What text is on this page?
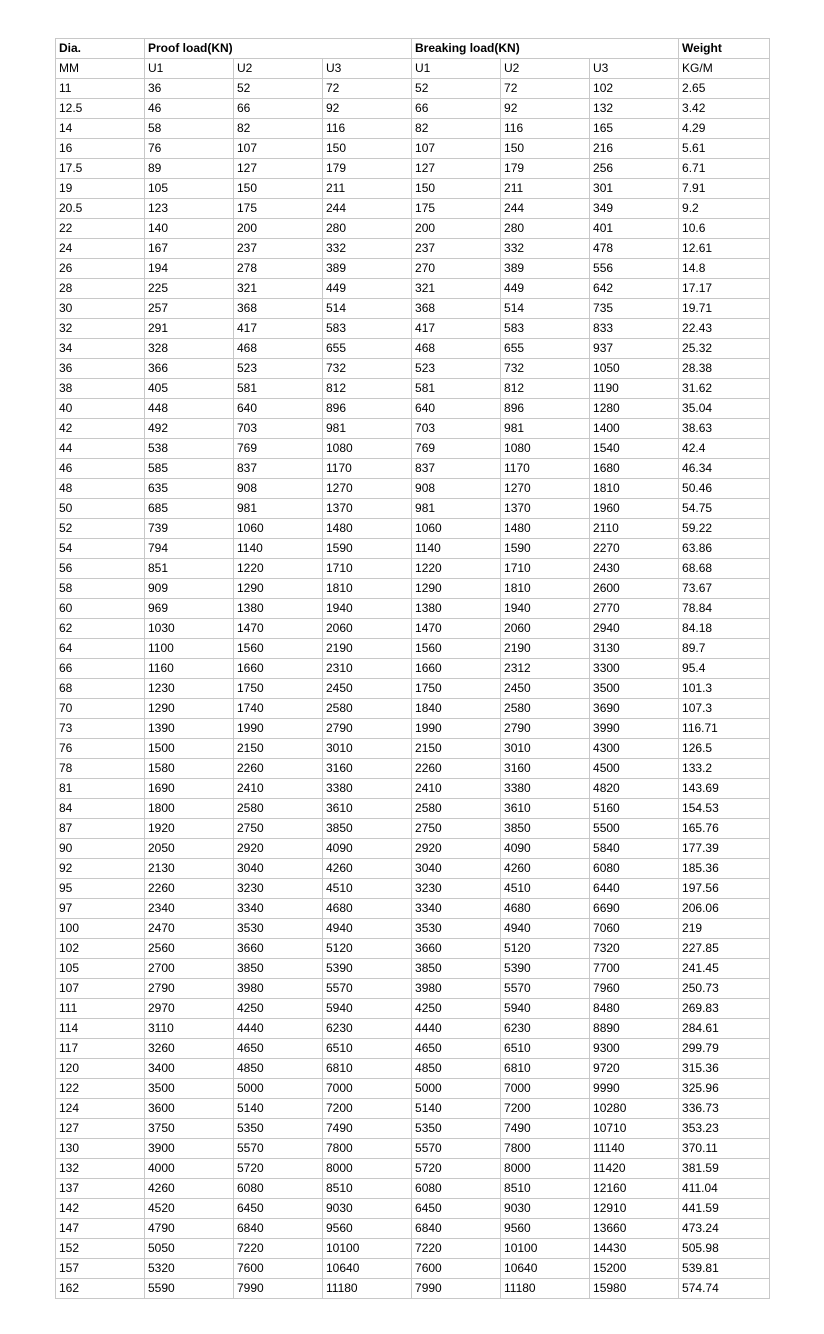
Dia.	Proof load(KN)			Breaking load(KN)			Weight
MM	U1	U2	U3	U1	U2	U3	KG/M
11	36	52	72	52	72	102	2.65
12.5	46	66	92	66	92	132	3.42
14	58	82	116	82	116	165	4.29
16	76	107	150	107	150	216	5.61
17.5	89	127	179	127	179	256	6.71
19	105	150	211	150	211	301	7.91
20.5	123	175	244	175	244	349	9.2
22	140	200	280	200	280	401	10.6
24	167	237	332	237	332	478	12.61
26	194	278	389	270	389	556	14.8
28	225	321	449	321	449	642	17.17
30	257	368	514	368	514	735	19.71
32	291	417	583	417	583	833	22.43
34	328	468	655	468	655	937	25.32
36	366	523	732	523	732	1050	28.38
38	405	581	812	581	812	1190	31.62
40	448	640	896	640	896	1280	35.04
42	492	703	981	703	981	1400	38.63
44	538	769	1080	769	1080	1540	42.4
46	585	837	1170	837	1170	1680	46.34
48	635	908	1270	908	1270	1810	50.46
50	685	981	1370	981	1370	1960	54.75
52	739	1060	1480	1060	1480	2110	59.22
54	794	1140	1590	1140	1590	2270	63.86
56	851	1220	1710	1220	1710	2430	68.68
58	909	1290	1810	1290	1810	2600	73.67
60	969	1380	1940	1380	1940	2770	78.84
62	1030	1470	2060	1470	2060	2940	84.18
64	1100	1560	2190	1560	2190	3130	89.7
66	1160	1660	2310	1660	2312	3300	95.4
68	1230	1750	2450	1750	2450	3500	101.3
70	1290	1740	2580	1840	2580	3690	107.3
73	1390	1990	2790	1990	2790	3990	116.71
76	1500	2150	3010	2150	3010	4300	126.5
78	1580	2260	3160	2260	3160	4500	133.2
81	1690	2410	3380	2410	3380	4820	143.69
84	1800	2580	3610	2580	3610	5160	154.53
87	1920	2750	3850	2750	3850	5500	165.76
90	2050	2920	4090	2920	4090	5840	177.39
92	2130	3040	4260	3040	4260	6080	185.36
95	2260	3230	4510	3230	4510	6440	197.56
97	2340	3340	4680	3340	4680	6690	206.06
100	2470	3530	4940	3530	4940	7060	219
102	2560	3660	5120	3660	5120	7320	227.85
105	2700	3850	5390	3850	5390	7700	241.45
107	2790	3980	5570	3980	5570	7960	250.73
111	2970	4250	5940	4250	5940	8480	269.83
114	3110	4440	6230	4440	6230	8890	284.61
117	3260	4650	6510	4650	6510	9300	299.79
120	3400	4850	6810	4850	6810	9720	315.36
122	3500	5000	7000	5000	7000	9990	325.96
124	3600	5140	7200	5140	7200	10280	336.73
127	3750	5350	7490	5350	7490	10710	353.23
130	3900	5570	7800	5570	7800	11140	370.11
132	4000	5720	8000	5720	8000	11420	381.59
137	4260	6080	8510	6080	8510	12160	411.04
142	4520	6450	9030	6450	9030	12910	441.59
147	4790	6840	9560	6840	9560	13660	473.24
152	5050	7220	10100	7220	10100	14430	505.98
157	5320	7600	10640	7600	10640	15200	539.81
162	5590	7990	11180	7990	11180	15980	574.74
